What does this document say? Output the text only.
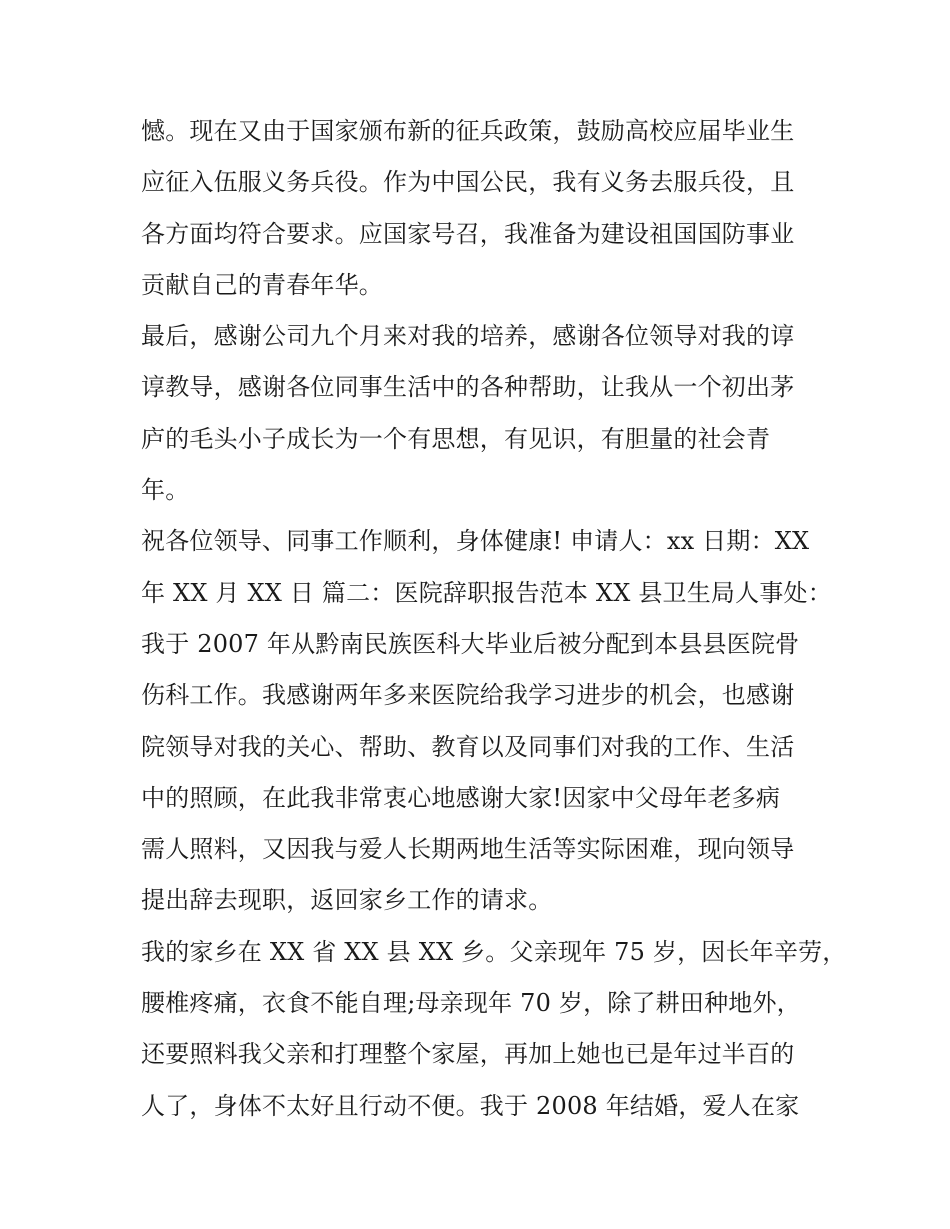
憾。现在又由于国家颁布新的征兵政策，鼓励高校应届毕业生
应征入伍服义务兵役。作为中国公民，我有义务去服兵役，且
各方面均符合要求。应国家号召，我准备为建设祖国国防事业
贡献自己的青春年华。
最后，感谢公司九个月来对我的培养，感谢各位领导对我的谆
谆教导，感谢各位同事生活中的各种帮助，让我从一个初出茅
庐的毛头小子成长为一个有思想，有见识，有胆量的社会青
年。
祝各位领导、同事工作顺利，身体健康! 申请人：xx 日期：XX
年 XX 月 XX 日 篇二：医院辞职报告范本 XX 县卫生局人事处：
我于 2007 年从黔南民族医科大毕业后被分配到本县县医院骨
伤科工作。我感谢两年多来医院给我学习进步的机会，也感谢
院领导对我的关心、帮助、教育以及同事们对我的工作、生活
中的照顾，在此我非常衷心地感谢大家!因家中父母年老多病
需人照料，又因我与爱人长期两地生活等实际困难，现向领导
提出辞去现职，返回家乡工作的请求。
我的家乡在 XX 省 XX 县 XX 乡。父亲现年 75 岁，因长年辛劳，
腰椎疼痛，衣食不能自理;母亲现年 70 岁，除了耕田种地外，
还要照料我父亲和打理整个家屋，再加上她也已是年过半百的
人了，身体不太好且行动不便。我于 2008 年结婚，爱人在家
